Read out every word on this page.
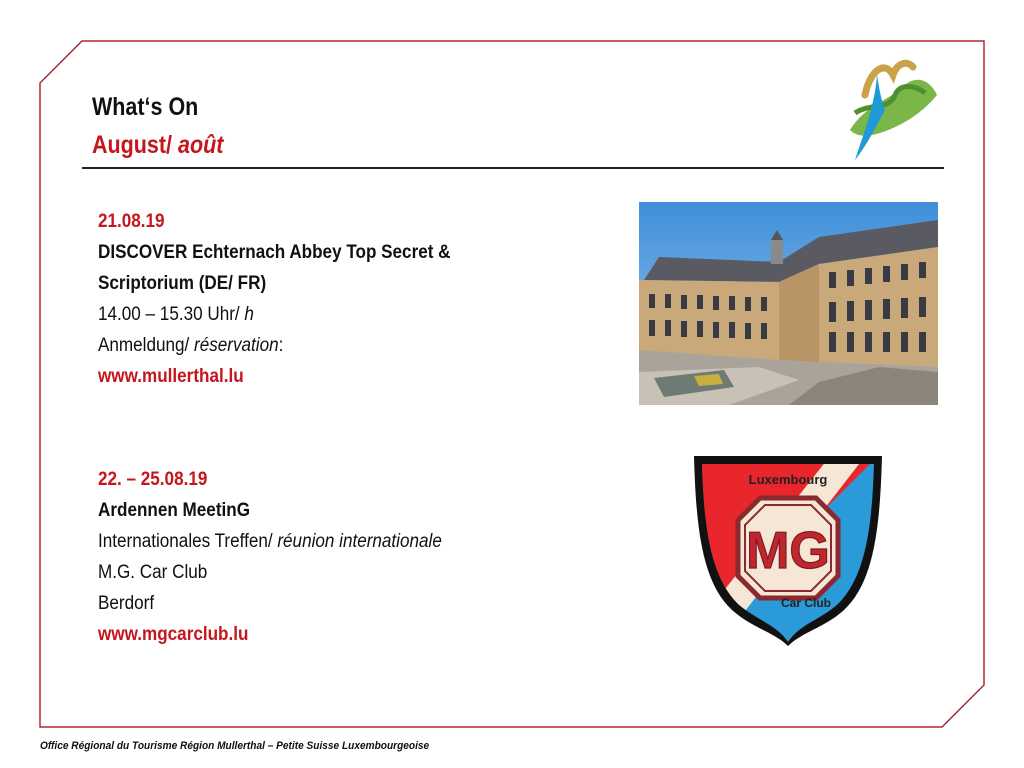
What‘s On
August/ août
21.08.19
DISCOVER Echternach Abbey Top Secret &
Scriptorium (DE/ FR)
14.00 – 15.30 Uhr/ h
Anmeldung/ réservation:
www.mullerthal.lu
22. – 25.08.19
Ardennen MeetinG
Internationales Treffen/ réunion internationale
M.G. Car Club
Berdorf
www.mgcarclub.lu
Luxembourg
MG
Car Club
Office Régional du Tourisme Région Mullerthal – Petite Suisse Luxembourgeoise
